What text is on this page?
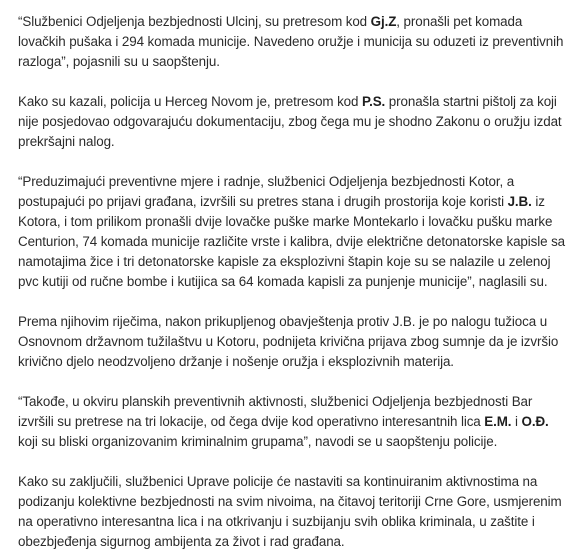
“Službenici Odjeljenja bezbjednosti Ulcinj, su pretresom kod Gj.Z, pronašli pet komada lovačkih pušaka i 294 komada municije. Navedeno oružje i municija su oduzeti iz preventivnih razloga”, pojasnili su u saopštenju.

Kako su kazali, policija u Herceg Novom je, pretresom kod P.S. pronašla startni pištolj za koji nije posjedovao odgovarajuću dokumentaciju, zbog čega mu je shodno Zakonu o oružju izdat prekršajni nalog.

“Preduzimajući preventivne mjere i radnje, službenici Odjeljenja bezbjednosti Kotor, a postupajući po prijavi građana, izvršili su pretres stana i drugih prostorija koje koristi J.B. iz Kotora, i tom prilikom pronašli dvije lovačke puške marke Montekarlo i lovačku pušku marke Centurion, 74 komada municije različite vrste i kalibra, dvije električne detonatorske kapisle sa namotajima žice i tri detonatorske kapisle za eksplozivni štapin koje su se nalazile u zelenoj pvc kutiji od ručne bombe i kutijica sa 64 komada kapisli za punjenje municije”, naglasili su.

Prema njihovim riječima, nakon prikupljenog obavještenja protiv J.B. je po nalogu tužioca u Osnovnom državnom tužilaštvu u Kotoru, podnijeta krivična prijava zbog sumnje da je izvršio krivično djelo neodzvoljeno držanje i nošenje oružja i eksplozivnih materija.

“Takođe, u okviru planskih preventivnih aktivnosti, službenici Odjeljenja bezbjednosti Bar izvršili su pretrese na tri lokacije, od čega dvije kod operativno interesantnih lica E.M. i O.Đ. koji su bliski organizovanim kriminalnim grupama”, navodi se u saopštenju policije.

Kako su zaključili, službenici Uprave policije će nastaviti sa kontinuiranim aktivnostima na podizanju kolektivne bezbjednosti na svim nivoima, na čitavoj teritoriji Crne Gore, usmjerenim na operativno interesantna lica i na otkrivanju i suzbijanju svih oblika kriminala, u zaštite i obezbjeđenja sigurnog ambijenta za život i rad građana.
